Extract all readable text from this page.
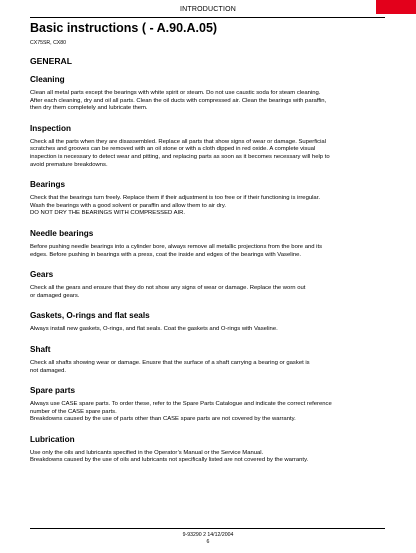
INTRODUCTION
Basic instructions ( - A.90.A.05)
CX75SR, CX80
GENERAL
Cleaning
Clean all metal parts except the bearings with white spirit or steam. Do not use caustic soda for steam cleaning.
After each cleaning, dry and oil all parts. Clean the oil ducts with compressed air. Clean the bearings with paraffin,
then dry them completely and lubricate them.
Inspection
Check all the parts when they are disassembled. Replace all parts that show signs of wear or damage. Superficial
scratches and grooves can be removed with an oil stone or with a cloth dipped in red oxide. A complete visual
inspection is necessary to detect wear and pitting, and replacing parts as soon as it becomes necessary will help to
avoid premature breakdowns.
Bearings
Check that the bearings turn freely. Replace them if their adjustment is too free or if their functioning is irregular.
Wash the bearings with a good solvent or paraffin and allow them to air dry.
DO NOT DRY THE BEARINGS WITH COMPRESSED AIR.
Needle bearings
Before pushing needle bearings into a cylinder bore, always remove all metallic projections from the bore and its
edges. Before pushing in bearings with a press, coat the inside and edges of the bearings with Vaseline.
Gears
Check all the gears and ensure that they do not show any signs of wear or damage. Replace the worn out
or damaged gears.
Gaskets, O-rings and flat seals
Always install new gaskets, O-rings, and flat seals. Coat the gaskets and O-rings with Vaseline.
Shaft
Check all shafts showing wear or damage. Enusre that the surface of a shaft carrying a bearing or gasket is
not damaged.
Spare parts
Always use CASE spare parts. To order these, refer to the Spare Parts Catalogue and indicate the correct reference
number of the CASE spare parts.
Breakdowns caused by the use of parts other than CASE spare parts are not covered by the warranty.
Lubrication
Use only the oils and lubricants specified in the Operator’s Manual or the Service Manual.
Breakdowns caused by the use of oils and lubricants not specifically listed are not covered by the warranty.
9-93290 2 14/12/2004
6
